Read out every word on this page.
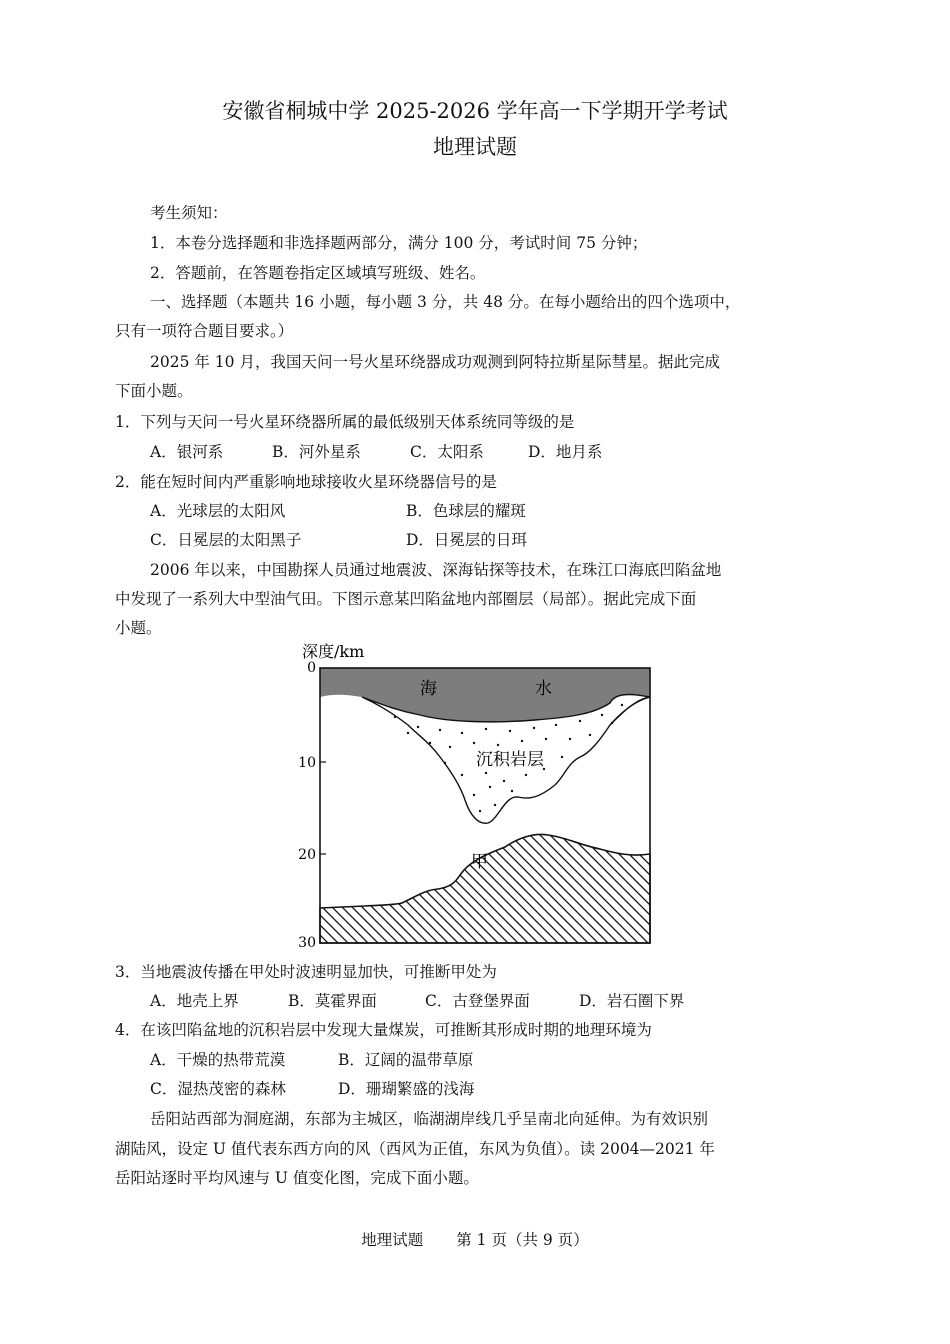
安徽省桐城中学 2025-2026 学年高一下学期开学考试
地理试题
考生须知：
1．本卷分选择题和非选择题两部分，满分 100 分，考试时间 75 分钟；
2．答题前，在答题卷指定区域填写班级、姓名。
一、选择题（本题共 16 小题，每小题 3 分，共 48 分。在每小题给出的四个选项中，
只有一项符合题目要求。）
2025 年 10 月，我国天问一号火星环绕器成功观测到阿特拉斯星际彗星。据此完成
下面小题。
1．下列与天问一号火星环绕器所属的最低级别天体系统同等级的是
A．银河系	B．河外星系	C．太阳系	D．地月系
2．能在短时间内严重影响地球接收火星环绕器信号的是
A．光球层的太阳风	B．色球层的耀斑
C．日冕层的太阳黑子	D．日冕层的日珥
2006 年以来，中国勘探人员通过地震波、深海钻探等技术，在珠江口海底凹陷盆地
中发现了一系列大中型油气田。下图示意某凹陷盆地内部圈层（局部）。据此完成下面
小题。
深度/km
海	水
沉积岩层
甲
0
10
20
30
3．当地震波传播在甲处时波速明显加快，可推断甲处为
A．地壳上界	B．莫霍界面	C．古登堡界面	D．岩石圈下界
4．在该凹陷盆地的沉积岩层中发现大量煤炭，可推断其形成时期的地理环境为
A．干燥的热带荒漠	B．辽阔的温带草原
C．湿热茂密的森林	D．珊瑚繁盛的浅海
岳阳站西部为洞庭湖，东部为主城区，临湖湖岸线几乎呈南北向延伸。为有效识别
湖陆风，设定 U 值代表东西方向的风（西风为正值，东风为负值）。读 2004—2021 年
岳阳站逐时平均风速与 U 值变化图，完成下面小题。
地理试题 第 1 页（共 9 页）
